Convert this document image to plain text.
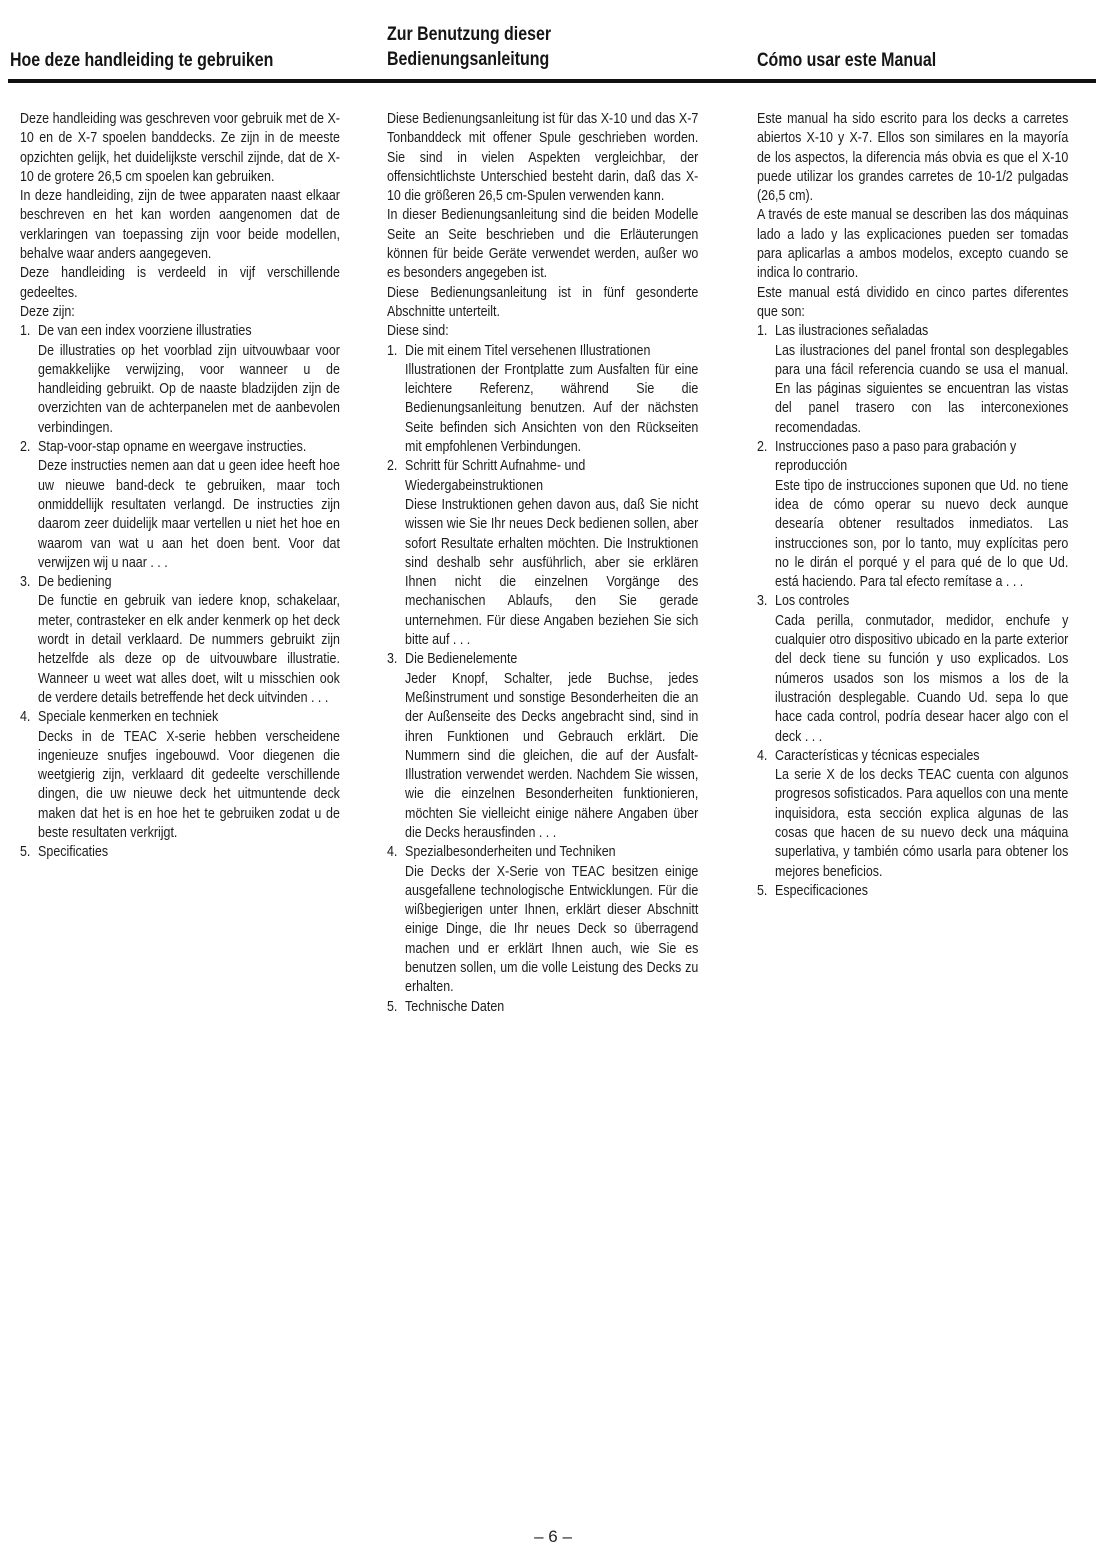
Hoe deze handleiding te gebruiken
Zur Benutzung dieser
Bedienungsanleitung	Cómo usar este Manual

Deze handleiding was geschreven voor gebruik met de X-10 en de X-7 spoelen banddecks. Ze zijn in de meeste opzichten gelijk, het duidelijkste verschil zijnde, dat de X-10 de grotere 26,5 cm spoelen kan gebruiken.

In deze handleiding, zijn de twee apparaten naast elkaar beschreven en het kan worden aangenomen dat de verklaringen van toepassing zijn voor beide modellen, behalve waar anders aangegeven.

Deze handleiding is verdeeld in vijf verschillende gedeeltes.

Deze zijn:

1. De van een index voorziene illustraties
De illustraties op het voorblad zijn uitvouwbaar voor gemakkelijke verwijzing, voor wanneer u de handleiding gebruikt. Op de naaste bladzijden zijn de overzichten van de achterpanelen met de aanbevolen verbindingen.
2. Stap-voor-stap opname en weergave instructies.
Deze instructies nemen aan dat u geen idee heeft hoe uw nieuwe band-deck te gebruiken, maar toch onmiddellijk resultaten verlangd. De instructies zijn daarom zeer duidelijk maar vertellen u niet het hoe en waarom van wat u aan het doen bent. Voor dat verwijzen wij u naar . . .
3. De bediening
De functie en gebruik van iedere knop, schakelaar, meter, contrasteker en elk ander kenmerk op het deck wordt in detail verklaard. De nummers gebruikt zijn hetzelfde als deze op de uitvouwbare illustratie. Wanneer u weet wat alles doet, wilt u misschien ook de verdere details betreffende het deck uitvinden . . .
4. Speciale kenmerken en techniek
Decks in de TEAC X-serie hebben verscheidene ingenieuze snufjes ingebouwd. Voor diegenen die weetgierig zijn, verklaard dit gedeelte verschillende dingen, die uw nieuwe deck het uitmuntende deck maken dat het is en hoe het te gebruiken zodat u de beste resultaten verkrijgt.
5. Specificaties

Diese Bedienungsanleitung ist für das X-10 und das X-7 Tonbanddeck mit offener Spule geschrieben worden. Sie sind in vielen Aspekten vergleichbar, der offensichtlichste Unterschied besteht darin, daß das X-10 die größeren 26,5 cm-Spulen verwenden kann.

In dieser Bedienungsanleitung sind die beiden Modelle Seite an Seite beschrieben und die Erläuterungen können für beide Geräte verwendet werden, außer wo es besonders angegeben ist.

Diese Bedienungsanleitung ist in fünf gesonderte Abschnitte unterteilt.

Diese sind:

1. Die mit einem Titel versehenen Illustrationen
Illustrationen der Frontplatte zum Ausfalten für eine leichtere Referenz, während Sie die Bedienungsanleitung benutzen. Auf der nächsten Seite befinden sich Ansichten von den Rückseiten mit empfohlenen Verbindungen.
2. Schritt für Schritt Aufnahme- und Wiedergabeinstruktionen
Diese Instruktionen gehen davon aus, daß Sie nicht wissen wie Sie Ihr neues Deck bedienen sollen, aber sofort Resultate erhalten möchten. Die Instruktionen sind deshalb sehr ausführlich, aber sie erklären Ihnen nicht die einzelnen Vorgänge des mechanischen Ablaufs, den Sie gerade unternehmen. Für diese Angaben beziehen Sie sich bitte auf . . .
3. Die Bedienelemente
Jeder Knopf, Schalter, jede Buchse, jedes Meßinstrument und sonstige Besonderheiten die an der Außenseite des Decks angebracht sind, sind in ihren Funktionen und Gebrauch erklärt. Die Nummern sind die gleichen, die auf der Ausfalt-Illustration verwendet werden. Nachdem Sie wissen, wie die einzelnen Besonderheiten funktionieren, möchten Sie vielleicht einige nähere Angaben über die Decks herausfinden . . .
4. Spezialbesonderheiten und Techniken
Die Decks der X-Serie von TEAC besitzen einige ausgefallene technologische Entwicklungen. Für die wißbegierigen unter Ihnen, erklärt dieser Abschnitt einige Dinge, die Ihr neues Deck so überragend machen und er erklärt Ihnen auch, wie Sie es benutzen sollen, um die volle Leistung des Decks zu erhalten.
5. Technische Daten

Este manual ha sido escrito para los decks a carretes abiertos X-10 y X-7. Ellos son similares en la mayoría de los aspectos, la diferencia más obvia es que el X-10 puede utilizar los grandes carretes de 10-1/2 pulgadas (26,5 cm).

A través de este manual se describen las dos máquinas lado a lado y las explicaciones pueden ser tomadas para aplicarlas a ambos modelos, excepto cuando se indica lo contrario.

Este manual está dividido en cinco partes diferentes que son:

1. Las ilustraciones señaladas
Las ilustraciones del panel frontal son desplegables para una fácil referencia cuando se usa el manual. En las páginas siguientes se encuentran las vistas del panel trasero con las interconexiones recomendadas.
2. Instrucciones paso a paso para grabación y reproducción
Este tipo de instrucciones suponen que Ud. no tiene idea de cómo operar su nuevo deck aunque desearía obtener resultados inmediatos. Las instrucciones son, por lo tanto, muy explícitas pero no le dirán el porqué y el para qué de lo que Ud. está haciendo. Para tal efecto remítase a . . .
3. Los controles
Cada perilla, conmutador, medidor, enchufe y cualquier otro dispositivo ubicado en la parte exterior del deck tiene su función y uso explicados. Los números usados son los mismos a los de la ilustración desplegable. Cuando Ud. sepa lo que hace cada control, podría desear hacer algo con el deck . . .
4. Características y técnicas especiales
La serie X de los decks TEAC cuenta con algunos progresos sofisticados. Para aquellos con una mente inquisidora, esta sección explica algunas de las cosas que hacen de su nuevo deck una máquina superlativa, y también cómo usarla para obtener los mejores beneficios.
5. Especificaciones
– 6 –
